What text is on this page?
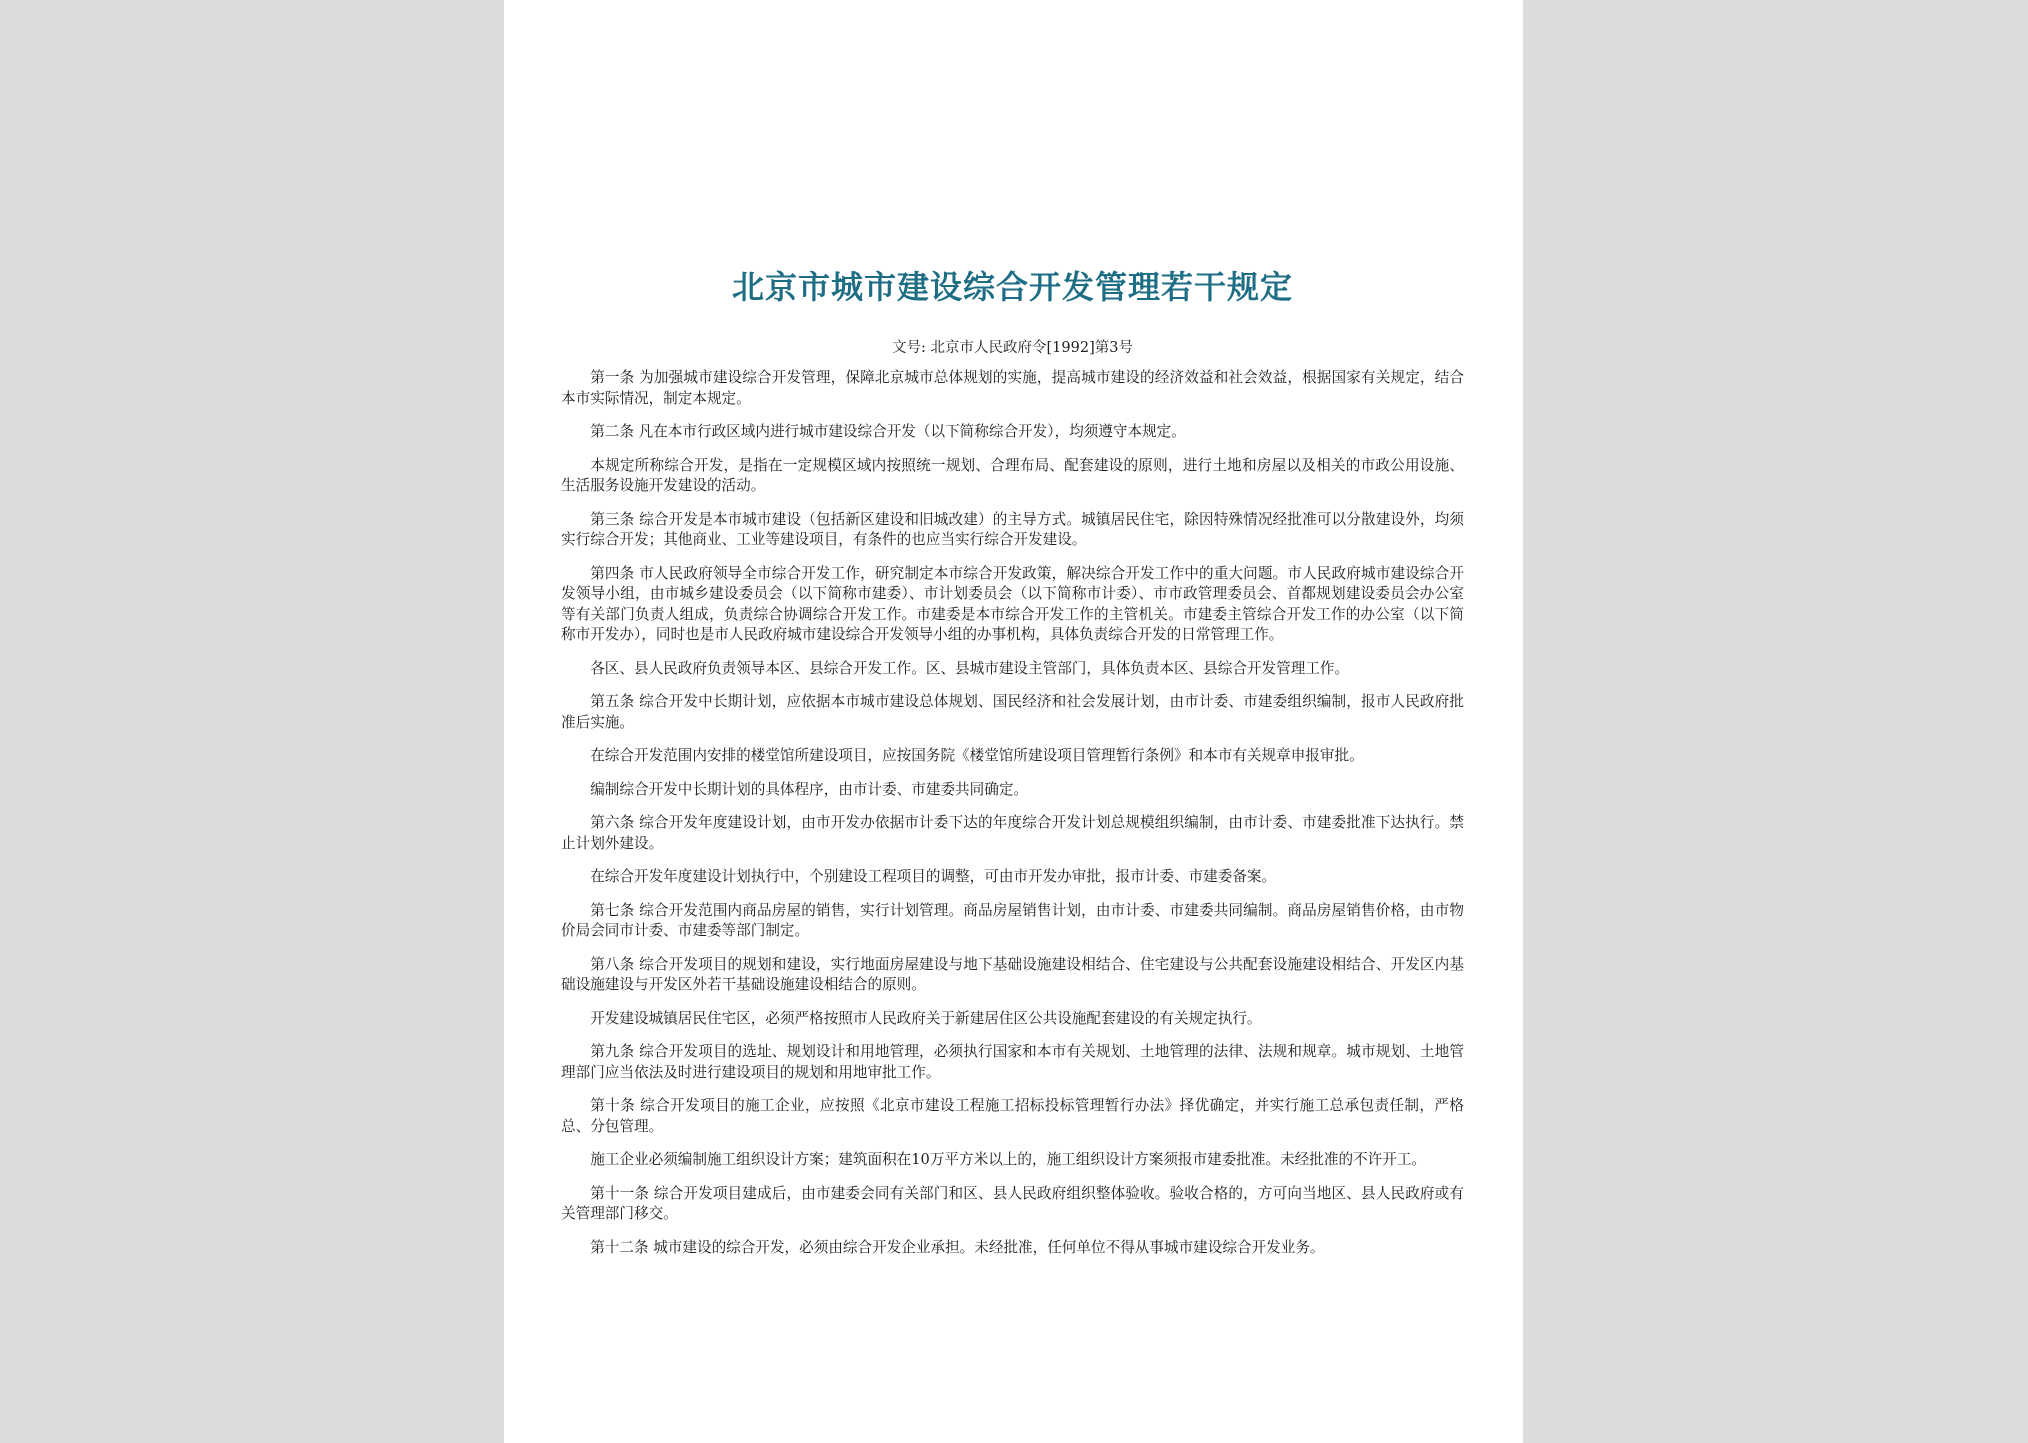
北京市城市建设综合开发管理若干规定
文号: 北京市人民政府令[1992]第3号

第一条 为加强城市建设综合开发管理，保障北京城市总体规划的实施，提高城市建设的经济效益和社会效益，根据国家有关规定，结合本市实际情况，制定本规定。

第二条 凡在本市行政区域内进行城市建设综合开发（以下简称综合开发），均须遵守本规定。

本规定所称综合开发，是指在一定规模区域内按照统一规划、合理布局、配套建设的原则，进行土地和房屋以及相关的市政公用设施、生活服务设施开发建设的活动。

第三条 综合开发是本市城市建设（包括新区建设和旧城改建）的主导方式。城镇居民住宅，除因特殊情况经批准可以分散建设外，均须实行综合开发；其他商业、工业等建设项目，有条件的也应当实行综合开发建设。

第四条 市人民政府领导全市综合开发工作，研究制定本市综合开发政策，解决综合开发工作中的重大问题。市人民政府城市建设综合开发领导小组，由市城乡建设委员会（以下简称市建委）、市计划委员会（以下简称市计委）、市市政管理委员会、首都规划建设委员会办公室等有关部门负责人组成，负责综合协调综合开发工作。市建委是本市综合开发工作的主管机关。市建委主管综合开发工作的办公室（以下简称市开发办），同时也是市人民政府城市建设综合开发领导小组的办事机构，具体负责综合开发的日常管理工作。

各区、县人民政府负责领导本区、县综合开发工作。区、县城市建设主管部门，具体负责本区、县综合开发管理工作。

第五条 综合开发中长期计划，应依据本市城市建设总体规划、国民经济和社会发展计划，由市计委、市建委组织编制，报市人民政府批准后实施。

在综合开发范围内安排的楼堂馆所建设项目，应按国务院《楼堂馆所建设项目管理暂行条例》和本市有关规章申报审批。

编制综合开发中长期计划的具体程序，由市计委、市建委共同确定。

第六条 综合开发年度建设计划，由市开发办依据市计委下达的年度综合开发计划总规模组织编制，由市计委、市建委批准下达执行。禁止计划外建设。

在综合开发年度建设计划执行中，个别建设工程项目的调整，可由市开发办审批，报市计委、市建委备案。

第七条 综合开发范围内商品房屋的销售，实行计划管理。商品房屋销售计划，由市计委、市建委共同编制。商品房屋销售价格，由市物价局会同市计委、市建委等部门制定。

第八条 综合开发项目的规划和建设，实行地面房屋建设与地下基础设施建设相结合、住宅建设与公共配套设施建设相结合、开发区内基础设施建设与开发区外若干基础设施建设相结合的原则。

开发建设城镇居民住宅区，必须严格按照市人民政府关于新建居住区公共设施配套建设的有关规定执行。

第九条 综合开发项目的选址、规划设计和用地管理，必须执行国家和本市有关规划、土地管理的法律、法规和规章。城市规划、土地管理部门应当依法及时进行建设项目的规划和用地审批工作。

第十条 综合开发项目的施工企业，应按照《北京市建设工程施工招标投标管理暂行办法》择优确定，并实行施工总承包责任制，严格总、分包管理。

施工企业必须编制施工组织设计方案；建筑面积在10万平方米以上的，施工组织设计方案须报市建委批准。未经批准的不许开工。

第十一条 综合开发项目建成后，由市建委会同有关部门和区、县人民政府组织整体验收。验收合格的，方可向当地区、县人民政府或有关管理部门移交。

第十二条 城市建设的综合开发，必须由综合开发企业承担。未经批准，任何单位不得从事城市建设综合开发业务。
